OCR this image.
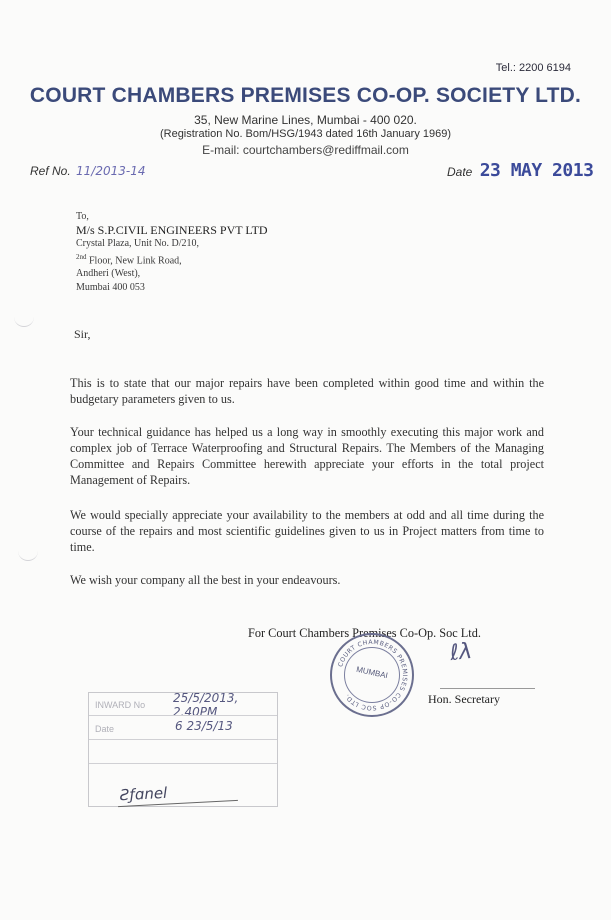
Tel.: 2200 6194
COURT CHAMBERS PREMISES CO-OP. SOCIETY LTD.
35, New Marine Lines, Mumbai - 400 020.
(Registration No. Bom/HSG/1943 dated 16th January 1969)
E-mail: courtchambers@rediffmail.com
Ref No. 11/2013-14	Date 23 MAY 2013
To,
M/s S.P.CIVIL ENGINEERS PVT LTD
Crystal Plaza, Unit No. D/210,
$^{2nd}$ Floor, New Link Road,
Andheri (West),
Mumbai 400 053
Sir,
This is to state that our major repairs have been completed within good time and within the budgetary parameters given to us.
Your technical guidance has helped us a long way in smoothly executing this major work and complex job of Terrace Waterproofing and Structural Repairs. The Members of the Managing Committee and Repairs Committee herewith appreciate your efforts in the total project Management of Repairs.
We would specially appreciate your availability to the members at odd and all time during the course of the repairs and most scientific guidelines given to us in Project matters from time to time.
We wish your company all the best in your endeavours.
For Court Chambers Premises Co-Op. Soc Ltd.
COURT CHAMBERS PREMISES CO-OP SOC LTD.
MUMBAI
ℓλ
Hon. Secretary
INWARD No 25/5/2013, 2.40PM
Date	6 23/5/13
Ƨƒɑnel
